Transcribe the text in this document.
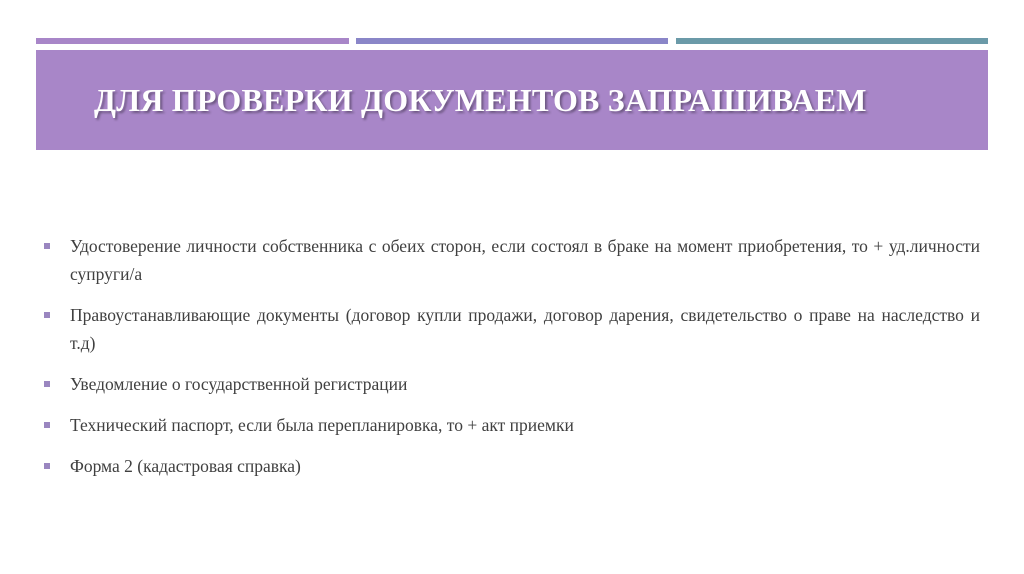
ДЛЯ ПРОВЕРКИ ДОКУМЕНТОВ ЗАПРАШИВАЕМ
Удостоверение личности собственника с обеих сторон, если состоял в браке на момент приобретения, то + уд.личности супруги/а
Правоустанавливающие документы (договор купли продажи, договор дарения, свидетельство о праве на наследство и т.д)
Уведомление о государственной регистрации
Технический паспорт, если была перепланировка, то + акт приемки
Форма 2 (кадастровая справка)
